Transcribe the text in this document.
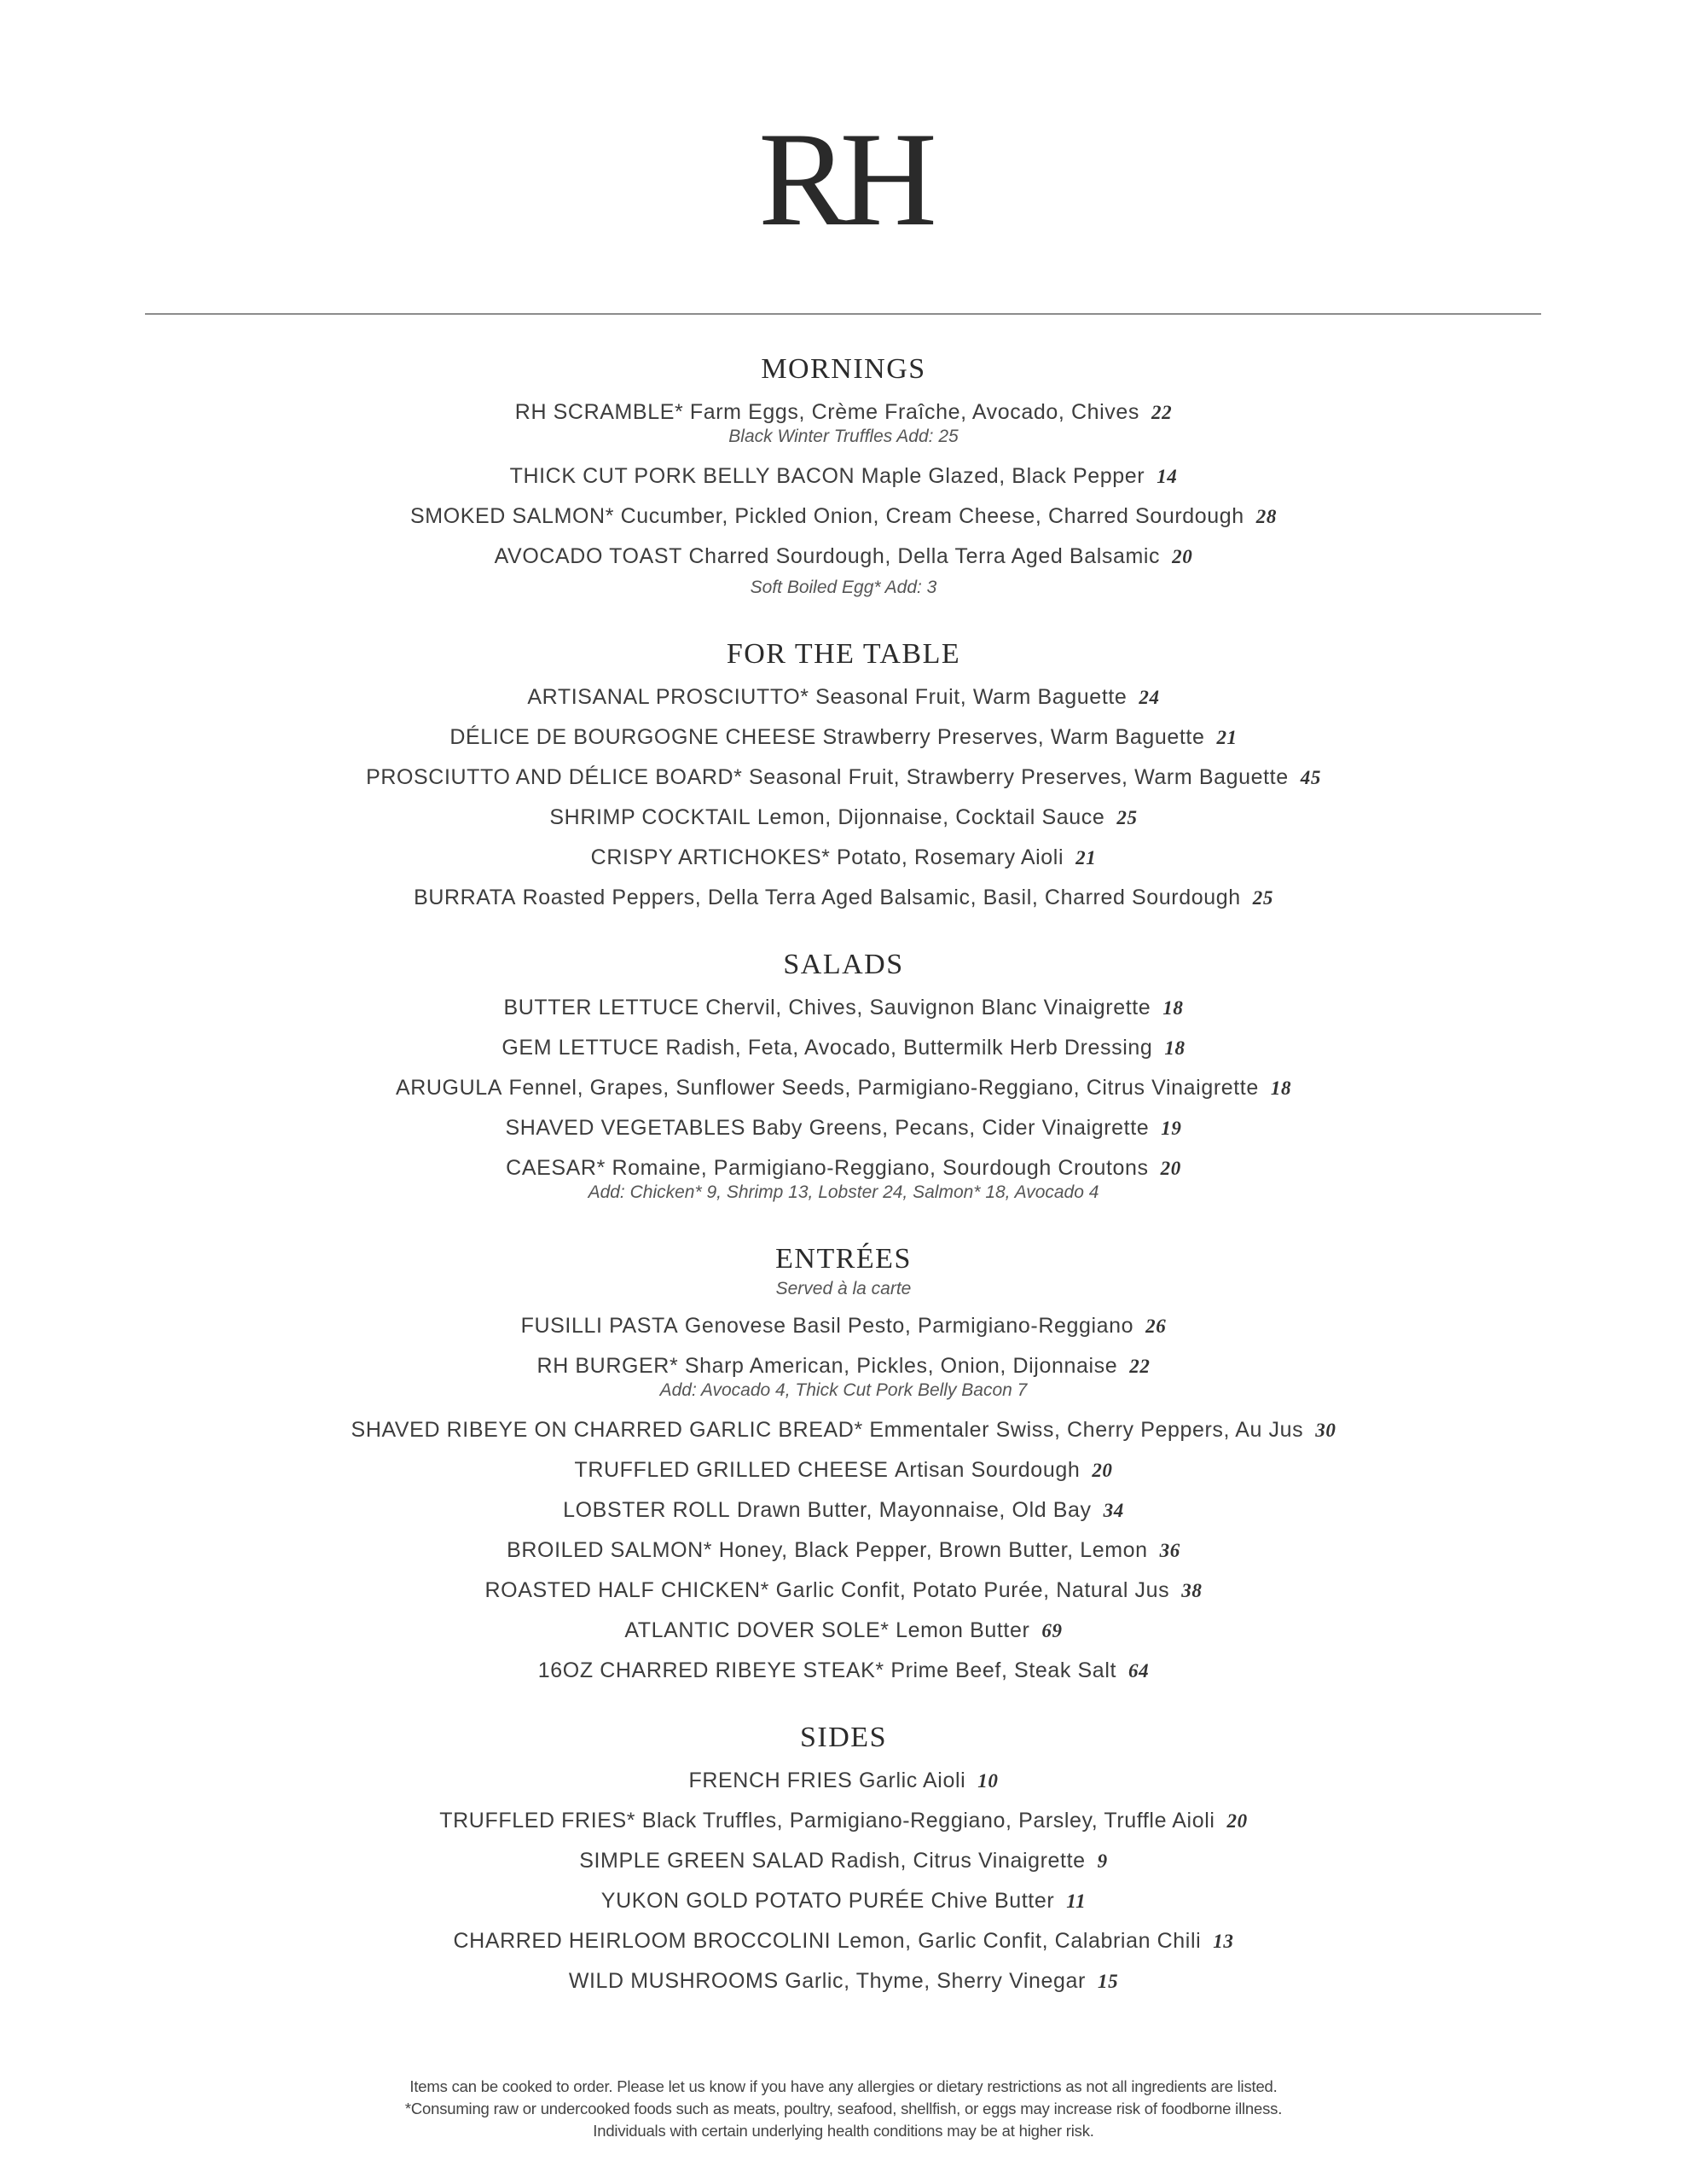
RH
MORNINGS
RH SCRAMBLE*
Farm Eggs, Crème Fraîche, Avocado, Chives 22
Black Winter Truffles Add: 25
THICK CUT PORK BELLY BACON
Maple Glazed, Black Pepper 14
SMOKED SALMON*
Cucumber, Pickled Onion, Cream Cheese, Charred Sourdough 28
AVOCADO TOAST
Charred Sourdough, Della Terra Aged Balsamic 20
Soft Boiled Egg* Add: 3
FOR THE TABLE
ARTISANAL PROSCIUTTO*
Seasonal Fruit, Warm Baguette 24
DÉLICE DE BOURGOGNE CHEESE
Strawberry Preserves, Warm Baguette 21
PROSCIUTTO AND DÉLICE BOARD*
Seasonal Fruit, Strawberry Preserves, Warm Baguette 45
SHRIMP COCKTAIL
Lemon, Dijonnaise, Cocktail Sauce 25
CRISPY ARTICHOKES*
Potato, Rosemary Aioli 21
BURRATA
Roasted Peppers, Della Terra Aged Balsamic, Basil, Charred Sourdough 25
SALADS
BUTTER LETTUCE
Chervil, Chives, Sauvignon Blanc Vinaigrette 18
GEM LETTUCE
Radish, Feta, Avocado, Buttermilk Herb Dressing 18
ARUGULA
Fennel, Grapes, Sunflower Seeds, Parmigiano-Reggiano, Citrus Vinaigrette 18
SHAVED VEGETABLES
Baby Greens, Pecans, Cider Vinaigrette 19
CAESAR*
Romaine, Parmigiano-Reggiano, Sourdough Croutons 20
Add: Chicken* 9, Shrimp 13, Lobster 24, Salmon* 18, Avocado 4
ENTRÉES
Served à la carte
FUSILLI PASTA
Genovese Basil Pesto, Parmigiano-Reggiano 26
RH BURGER*
Sharp American, Pickles, Onion, Dijonnaise 22
Add: Avocado 4, Thick Cut Pork Belly Bacon 7
SHAVED RIBEYE ON CHARRED GARLIC BREAD*
Emmentaler Swiss, Cherry Peppers, Au Jus 30
TRUFFLED GRILLED CHEESE
Artisan Sourdough 20
LOBSTER ROLL
Drawn Butter, Mayonnaise, Old Bay 34
BROILED SALMON*
Honey, Black Pepper, Brown Butter, Lemon 36
ROASTED HALF CHICKEN*
Garlic Confit, Potato Purée, Natural Jus 38
ATLANTIC DOVER SOLE*
Lemon Butter 69
16OZ CHARRED RIBEYE STEAK*
Prime Beef, Steak Salt 64
SIDES
FRENCH FRIES
Garlic Aioli 10
TRUFFLED FRIES*
Black Truffles, Parmigiano-Reggiano, Parsley, Truffle Aioli 20
SIMPLE GREEN SALAD
Radish, Citrus Vinaigrette 9
YUKON GOLD POTATO PURÉE
Chive Butter 11
CHARRED HEIRLOOM BROCCOLINI
Lemon, Garlic Confit, Calabrian Chili 13
WILD MUSHROOMS
Garlic, Thyme, Sherry Vinegar 15
Items can be cooked to order. Please let us know if you have any allergies or dietary restrictions as not all ingredients are listed.
*Consuming raw or undercooked foods such as meats, poultry, seafood, shellfish, or eggs may increase risk of foodborne illness.
Individuals with certain underlying health conditions may be at higher risk.
